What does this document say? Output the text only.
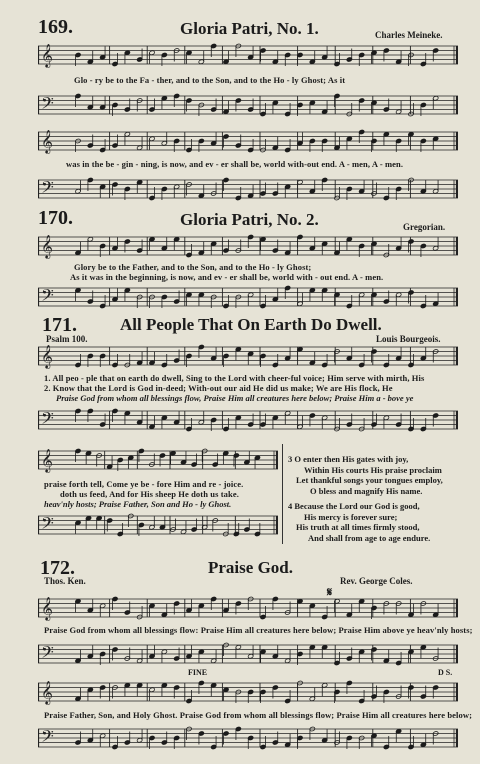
169.	Gloria Patri, No. 1.	Charles Meineke.
𝄞
Glo - ry be to the Fa - ther, and to the Son, and to the Ho - ly Ghost; As it
𝄢
𝄞
was in the be - gin - ning, is now, and ev - er shall be, world with-out end. A - men, A - men.
𝄢
170.	Gloria Patri, No. 2.	Gregorian.
𝄞
Glory be to the Father, and to the Son, and to the Ho - ly Ghost;
As it was in the beginning, is now, and ev - er shall be, world with - out end. A - men.
𝄢
171.	All People That On Earth Do Dwell.
Psalm 100.	Louis Bourgeois.
𝄞
1. All peo - ple that on earth do dwell, Sing to the Lord with cheer-ful voice; Him serve with mirth, His
2. Know that the Lord is God in-deed; With-out our aid He did us make; We are His flock, He
Praise God from whom all blessings flow, Praise Him all creatures here below; Praise Him a - bove ye
𝄢
𝄞
praise forth tell, Come ye be - fore Him and re - joice.
doth us feed, And for His sheep He doth us take.
heav'nly hosts; Praise Father, Son and Ho - ly Ghost.
𝄢
3 O enter then His gates with joy,
Within His courts His praise proclaim
Let thankful songs your tongues employ,
O bless and magnify His name.
4 Because the Lord our God is good,
His mercy is forever sure;
His truth at all times firmly stood,
And shall from age to age endure.
172.	Praise God.
Thos. Ken.	Rev. George Coles.
𝄋
𝄞
Praise God from whom all blessings flow: Praise Him all creatures here below; Praise Him above ye heav'nly hosts;
𝄢
FINE	D S.
𝄞
Praise Father, Son, and Holy Ghost. Praise God from whom all blessings flow; Praise Him all creatures here below;
𝄢
